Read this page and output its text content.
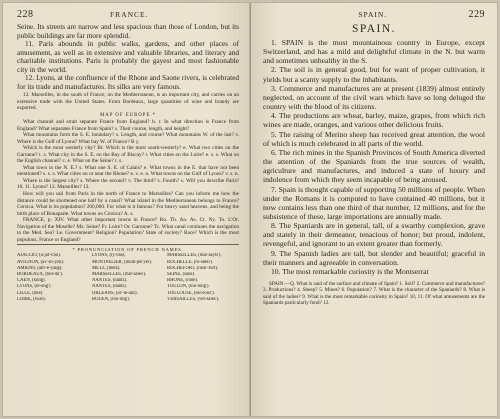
228	FRANCE.

Seine. Its streets are narrow and less spacious than those of London, but its public buildings are far more splendid.

11. Paris abounds in public walks, gardens, and other places of amusement, as well as in extensive and valuable libraries, and literary and charitable institutions. Paris is probably the gayest and most fashionable city in the world.

12. Lyons, at the confluence of the Rhone and Saone rivers, is celebrated for its trade and manufactures. Its silks are very famous.

13. Marseilles, in the south of France, on the Mediterranean, is an important city, and carries on an extensive trade with the United States. From Bordeaux, large quantities of wine and brandy are exported.

MAP OF EUROPE.*

What channel and strait separate France from England? b. r. In what direction is France from England? What separates France from Spain? s. Their course, length, and height?

What mountains form the S. E. boundary? s. Length, and course? What mountains W. of the last? s. Where is the Gulf of Lyons? What bay W. of France? B y.

Which is the most westerly city? Br. Which is the most south-westerly? e. What two cities on the Garonne? t. s. What city in the S. E. on the Bay of Biscay? r. What cities on the Loire? e. s. s. What on the English channel? c. e. What on the Seine? r. s.

What town in the N. E.? s. What one S. E. of Calais? e. What towns in the E. that have not been mentioned? s. s. s. What cities on or near the Rhone? e. v. e. n. What towns on the Gulf of Lyons? v. s. n.

Where is the largest city? s. Where the second? v. The third? s. Fourth? s. Will you describe Paris? 10, 11. Lyons? 12. Marseilles? 13.

How will you sail from Paris in the north of France to Marseilles? Can you inform me how the distance could be shortened one half by a canal? What island in the Mediterranean belongs to France? Corsica. What is its population? 200,000. For what is it famous? For heavy sand heavens, and being the birth place of Bonaparte. What towns on Corsica? A. s.

FRANCE, p. XIV. What other important towns in France? Ro. Th. An. As. Ct. Ny. To. L'Or. Navigation of the Moselle? Mz. Seine? Fr. Loire? Or. Garonne? Tc. What canal continues the navigation to the Med. Sea? Le. Government? Religion? Population? State of society? Race? Which is the most populous, France or England?

* PRONUNCIATION OF FRENCH NAMES.
AJACCIO, (a-jat'-cho).	LYONS, (ly-ons).	MARSEILLES, (mar-sayls').
AVIGNON, (av'-in-yon).	MONTPELIER, (mont-pel'yer).	ROCHELLE, (ro-shell').
AMIENS, (am'-e-yang).	METZ, (metz).	ROCHEFORT, (rosh'-fort).
BORDEAUX, (bor-do').	MARSEILLES, (mar-sales').	SEINE, (sane).
CAEN, (kong).	NANTES, (nantz).	RHONE, (rone).
LYONS, (le-ong').	NANTES, (nants).	TOULON, (too-long').
LILLE, (lele).	ORLEANS, (or'-le-ans).	TOULOUSE, (too-looz').
LOIRE, (lwar).	ROUEN, (roo-ong').	VERSAILLES, (ver-sales').
SPAIN.	229
SPAIN.

1. SPAIN is the most mountainous country in Europe, except Switzerland, and has a mild and delightful climate in the N. but warm and sometimes unhealthy in the S.

2. The soil is in general good, but for want of proper cultivation, it yields but a scanty supply to the inhabitants.

3. Commerce and manufactures are at present (1839) almost entirely neglected, on account of the civil wars which have so long deluged the country with the blood of its citizens.

4. The productions are wheat, barley, maize, grapes, from which rich wines are made, oranges, and various other delicious fruits.

5. The raising of Merino sheep has received great attention, the wool of which is much celebrated in all parts of the world.

6. The rich mines in the Spanish Provinces of South America diverted the attention of the Spaniards from the true sources of wealth, agriculture and manufactures, and induced a state of luxury and indolence from which they seem incapable of being aroused.

7. Spain is thought capable of supporting 50 millions of people. When under the Romans it is computed to have contained 40 millions, but it now contains less than one third of that number, 12 millions, and for the subsistence of these, large importations are annually made.

8. The Spaniards are in general, tall, of a swarthy complexion, grave and stately in their demeanor, tenacious of honor; but proud, indolent, revengeful, and ignorant to an extent greater than formerly.

9. The Spanish ladies are tall, but slender and beautiful; graceful in their manners and agreeable in conversation.

10. The most remarkable curiosity is the Montserrat

SPAIN.—Q. What is said of the surface and climate of Spain? 1. Soil? 2. Commerce and manufactures? 3. Productions? 4. Sheep? 5. Mines? 6. Population? 7. What is the character of the Spaniards? 8. What is said of the ladies? 9. What is the most remarkable curiosity in Spain? 10, 11. Of what amusements are the Spaniards particularly fond? 12.
